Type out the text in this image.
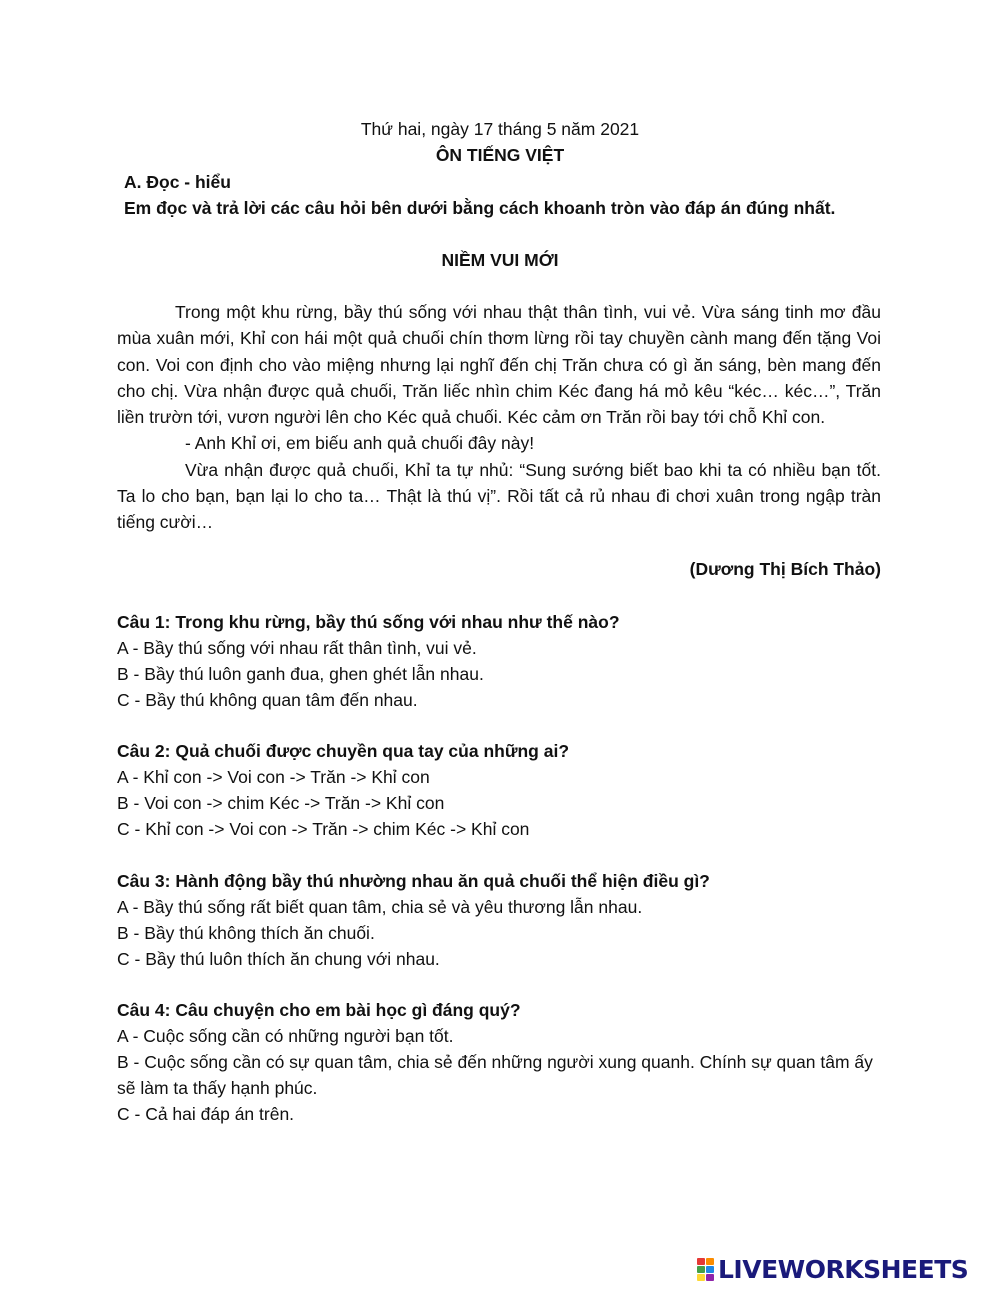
Thứ hai, ngày 17 tháng 5 năm 2021
ÔN TIẾNG VIỆT
A. Đọc - hiểu
Em đọc và trả lời các câu hỏi bên dưới bằng cách khoanh tròn vào đáp án đúng nhất.
NIỀM VUI MỚI

Trong một khu rừng, bầy thú sống với nhau thật thân tình, vui vẻ. Vừa sáng tinh mơ đầu mùa xuân mới, Khỉ con hái một quả chuối chín thơm lừng rồi tay chuyền cành mang đến tặng Voi con. Voi con định cho vào miệng nhưng lại nghĩ đến chị Trăn chưa có gì ăn sáng, bèn mang đến cho chị. Vừa nhận được quả chuối, Trăn liếc nhìn chim Kéc đang há mỏ kêu “kéc… kéc…”, Trăn liền trườn tới, vươn người lên cho Kéc quả chuối. Kéc cảm ơn Trăn rồi bay tới chỗ Khỉ con.

- Anh Khỉ ơi, em biếu anh quả chuối đây này!

Vừa nhận được quả chuối, Khỉ ta tự nhủ: “Sung sướng biết bao khi ta có nhiều bạn tốt. Ta lo cho bạn, bạn lại lo cho ta… Thật là thú vị”. Rồi tất cả rủ nhau đi chơi xuân trong ngập tràn tiếng cười…

(Dương Thị Bích Thảo)
Câu 1: Trong khu rừng, bầy thú sống với nhau như thế nào?
A - Bầy thú sống với nhau rất thân tình, vui vẻ.
B - Bầy thú luôn ganh đua, ghen ghét lẫn nhau.
C - Bầy thú không quan tâm đến nhau.
Câu 2: Quả chuối được chuyền qua tay của những ai?
A - Khỉ con -> Voi con -> Trăn -> Khỉ con
B - Voi con -> chim Kéc -> Trăn -> Khỉ con
C - Khỉ con -> Voi con -> Trăn -> chim Kéc -> Khỉ con
Câu 3: Hành động bầy thú nhường nhau ăn quả chuối thể hiện điều gì?
A - Bầy thú sống rất biết quan tâm, chia sẻ và yêu thương lẫn nhau.
B - Bầy thú không thích ăn chuối.
C - Bầy thú luôn thích ăn chung với nhau.
Câu 4: Câu chuyện cho em bài học gì đáng quý?
A - Cuộc sống cần có những người bạn tốt.
B - Cuộc sống cần có sự quan tâm, chia sẻ đến những người xung quanh. Chính sự quan tâm ấy sẽ làm ta thấy hạnh phúc.
C - Cả hai đáp án trên.
LIVEWORKSHEETS
